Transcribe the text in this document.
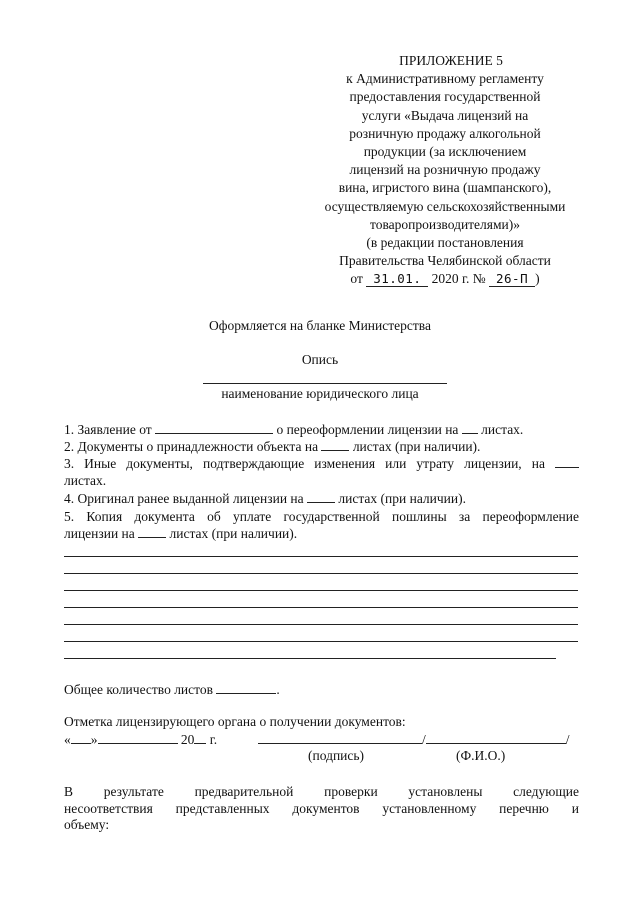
ПРИЛОЖЕНИЕ 5
к Административному регламенту
предоставления государственной
услуги «Выдача лицензий на
розничную продажу алкогольной
продукции (за исключением
лицензий на розничную продажу
вина, игристого вина (шампанского),
осуществляемую сельскохозяйственными
товаропроизводителями)»
(в редакции постановления
Правительства Челябинской области
от 31.01. 2020 г. № 26-П )
Оформляется на бланке Министерства
Опись
наименование юридического лица
1. Заявление от	о переоформлении лицензии на листах.
2. Документы о принадлежности объекта на	листах (при наличии).
3. Иные документы, подтверждающие изменения или утрату лицензии, на
листах.
4. Оригинал ранее выданной лицензии на	листах (при наличии).
5. Копия документа об уплате государственной пошлины за переоформление
лицензии на	листах (при наличии).
Общее количество листов	.
Отметка лицензирующего органа о получении документов:
« »	20 г.	/	/
(подпись)	(Ф.И.О.)
В результате предварительной проверки установлены следующие
несоответствия представленных документов установленному перечню и
объему:
